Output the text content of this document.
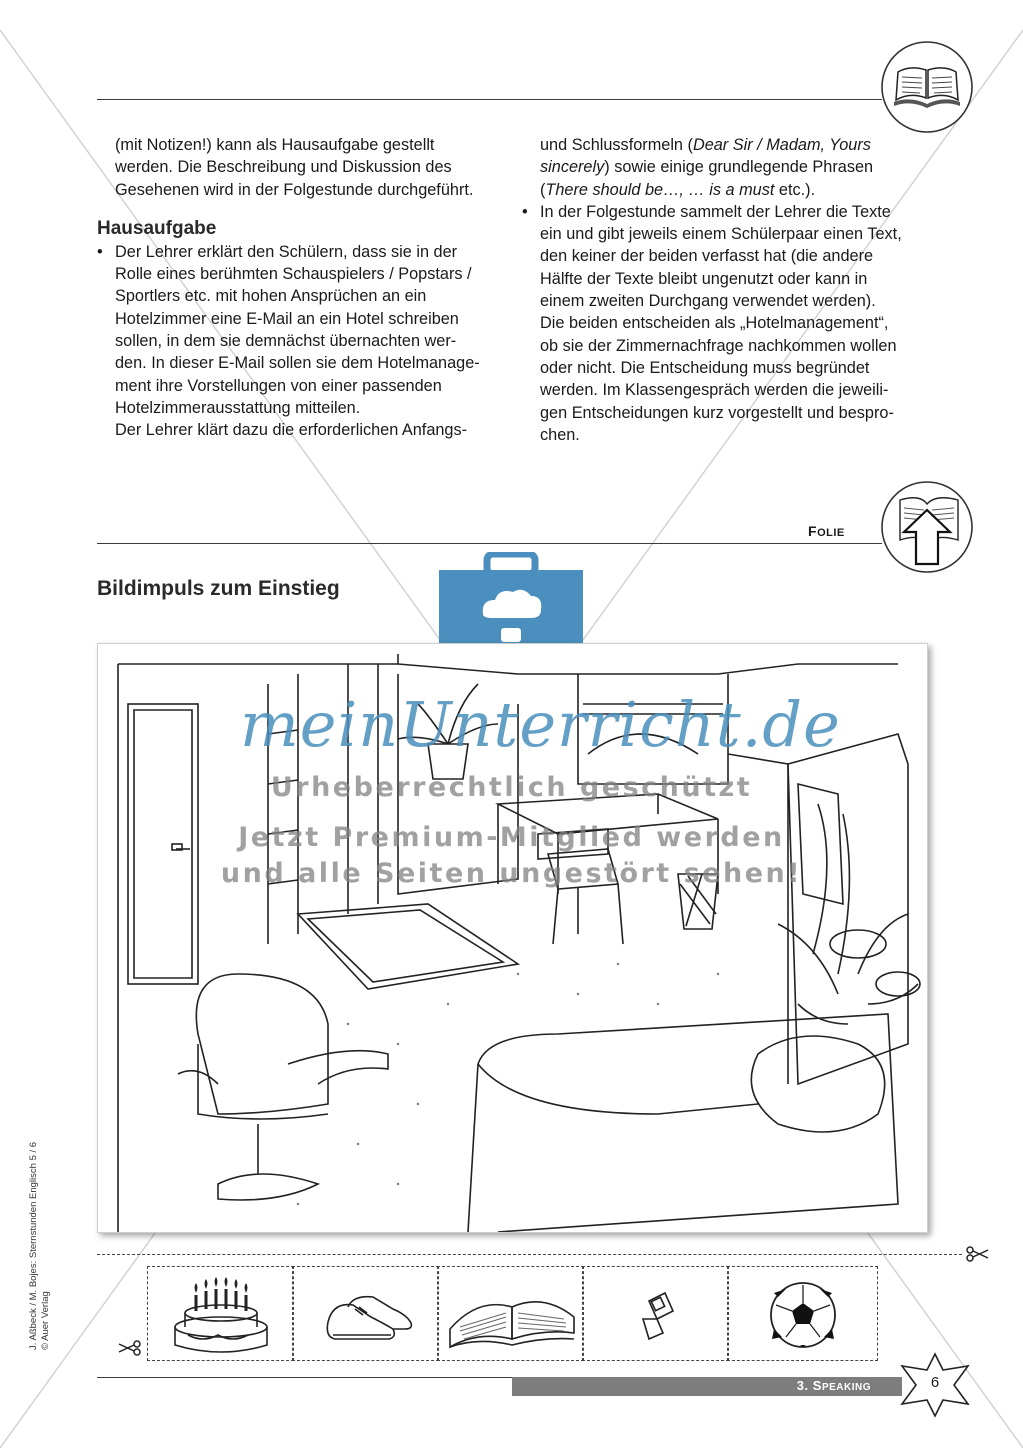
(mit Notizen!) kann als Hausaufgabe gestellt

werden. Die Beschreibung und Diskussion des

Gesehenen wird in der Folgestunde durchgeführt.

Hausaufgabe
• Der Lehrer erklärt den Schülern, dass sie in der

Rolle eines berühmten Schauspielers / Popstars /

Sportlers etc. mit hohen Ansprüchen an ein

Hotelzimmer eine E-Mail an ein Hotel schreiben

sollen, in dem sie demnächst übernachten wer-

den. In dieser E-Mail sollen sie dem Hotelmanage-

ment ihre Vorstellungen von einer passenden

Hotelzimmerausstattung mitteilen.

Der Lehrer klärt dazu die erforderlichen Anfangs-

und Schlussformeln (Dear Sir / Madam, Yours

sincerely) sowie einige grundlegende Phrasen

(There should be…, … is a must etc.).

• In der Folgestunde sammelt der Lehrer die Texte

ein und gibt jeweils einem Schülerpaar einen Text,

den keiner der beiden verfasst hat (die andere

Hälfte der Texte bleibt ungenutzt oder kann in

einem zweiten Durchgang verwendet werden).

Die beiden entscheiden als „Hotelmanagement“,

ob sie der Zimmernachfrage nachkommen wollen

oder nicht. Die Entscheidung muss begründet

werden. Im Klassengespräch werden die jeweili-

gen Entscheidungen kurz vorgestellt und bespro-

chen.

FOLIE
Bildimpuls zum Einstieg
meinUnterricht.de
Urheberrechtlich geschützt
Jetzt Premium-Mitglied werden
und alle Seiten ungestört sehen!
3. SPEAKING	6
J. Aßbeck / M. Bojes: Sternstunden Englisch 5 / 6 © Auer Verlag
